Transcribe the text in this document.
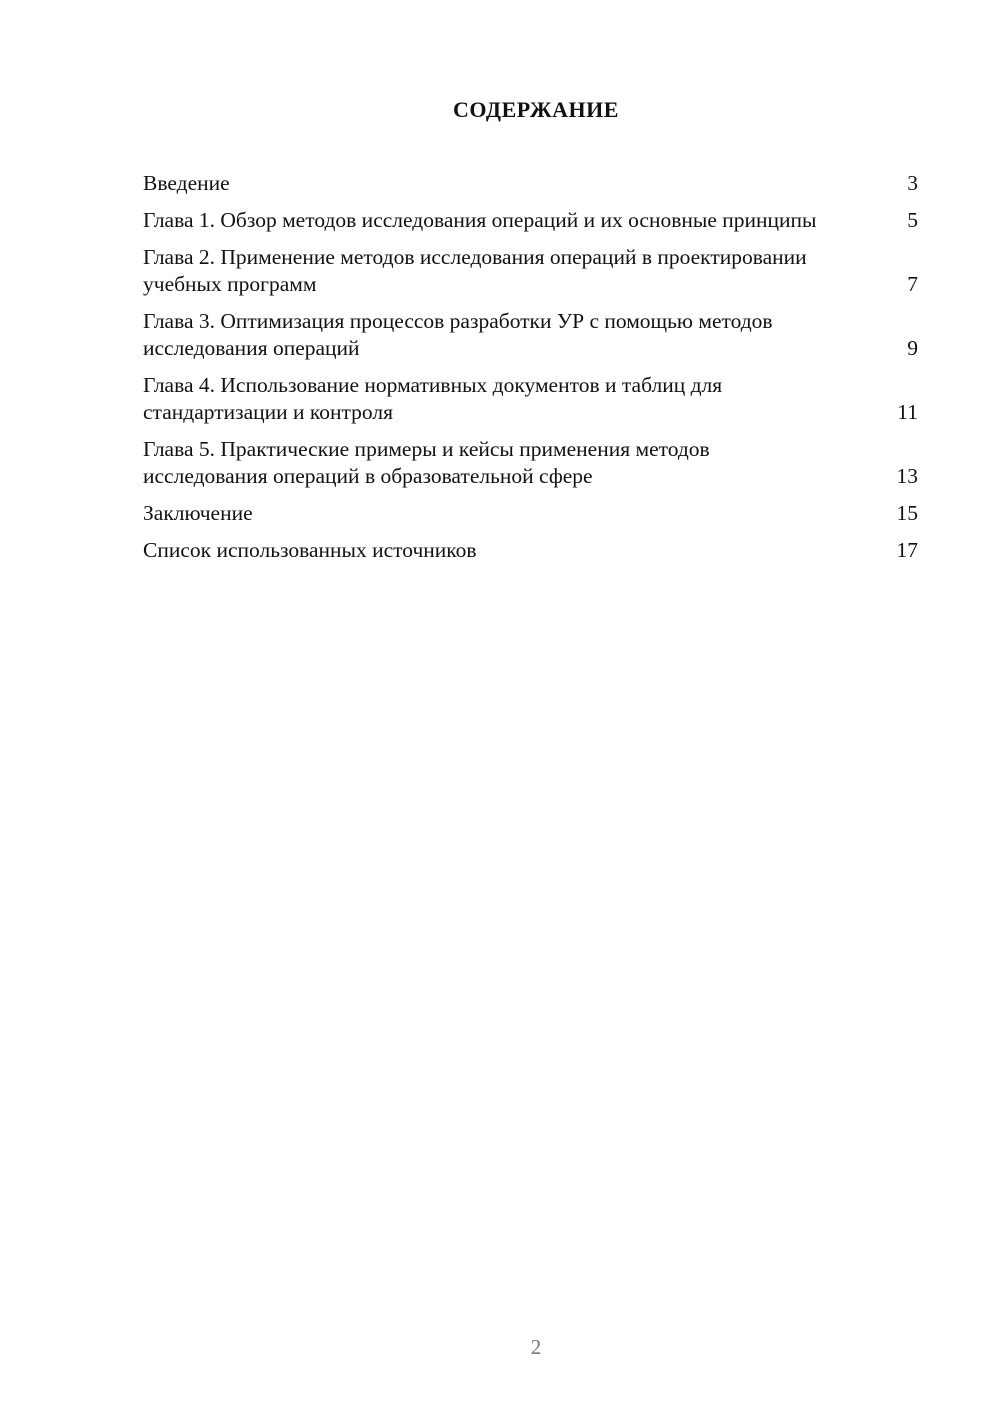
СОДЕРЖАНИЕ
Введение	3
Глава 1. Обзор методов исследования операций и их основные принципы	5
Глава 2. Применение методов исследования операций в проектировании учебных программ	7
Глава 3. Оптимизация процессов разработки УР с помощью методов исследования операций	9
Глава 4. Использование нормативных документов и таблиц для стандартизации и контроля	11
Глава 5. Практические примеры и кейсы применения методов исследования операций в образовательной сфере	13
Заключение	15
Список использованных источников	17
2
